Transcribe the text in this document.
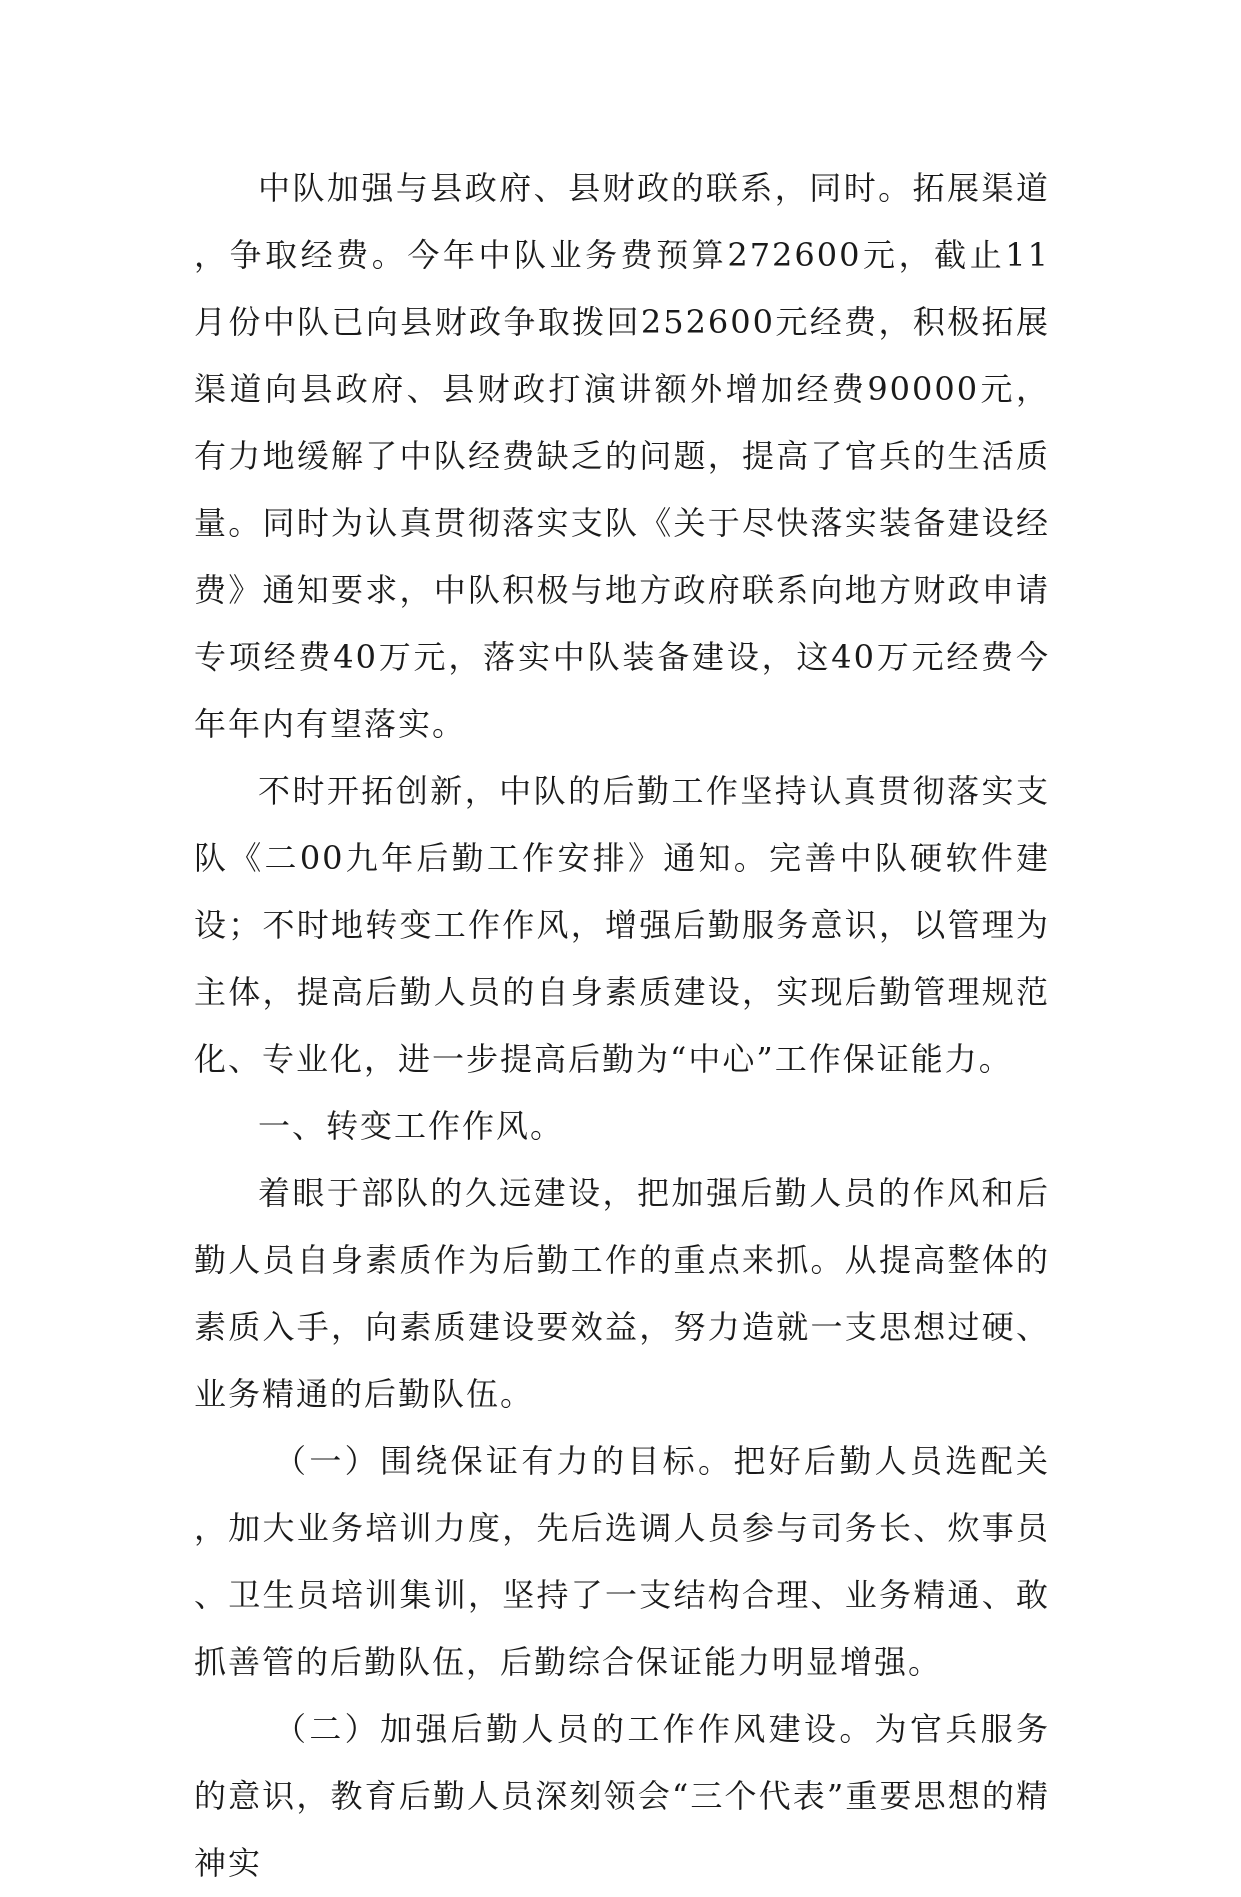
中队加强与县政府、县财政的联系，同时。拓展渠道，争取经费。今年中队业务费预算272600元，截止11月份中队已向县财政争取拨回252600元经费，积极拓展渠道向县政府、县财政打演讲额外增加经费90000元，有力地缓解了中队经费缺乏的问题，提高了官兵的生活质量。同时为认真贯彻落实支队《关于尽快落实装备建设经费》通知要求，中队积极与地方政府联系向地方财政申请专项经费40万元，落实中队装备建设，这40万元经费今年年内有望落实。

不时开拓创新，中队的后勤工作坚持认真贯彻落实支队《二00九年后勤工作安排》通知。完善中队硬软件建设；不时地转变工作作风，增强后勤服务意识，以管理为主体，提高后勤人员的自身素质建设，实现后勤管理规范化、专业化，进一步提高后勤为“中心”工作保证能力。

一、转变工作作风。

着眼于部队的久远建设，把加强后勤人员的作风和后勤人员自身素质作为后勤工作的重点来抓。从提高整体的素质入手，向素质建设要效益，努力造就一支思想过硬、业务精通的后勤队伍。

（一）围绕保证有力的目标。把好后勤人员选配关，加大业务培训力度，先后选调人员参与司务长、炊事员、卫生员培训集训，坚持了一支结构合理、业务精通、敢抓善管的后勤队伍，后勤综合保证能力明显增强。

（二）加强后勤人员的工作作风建设。为官兵服务的意识，教育后勤人员深刻领会“三个代表”重要思想的精神实
